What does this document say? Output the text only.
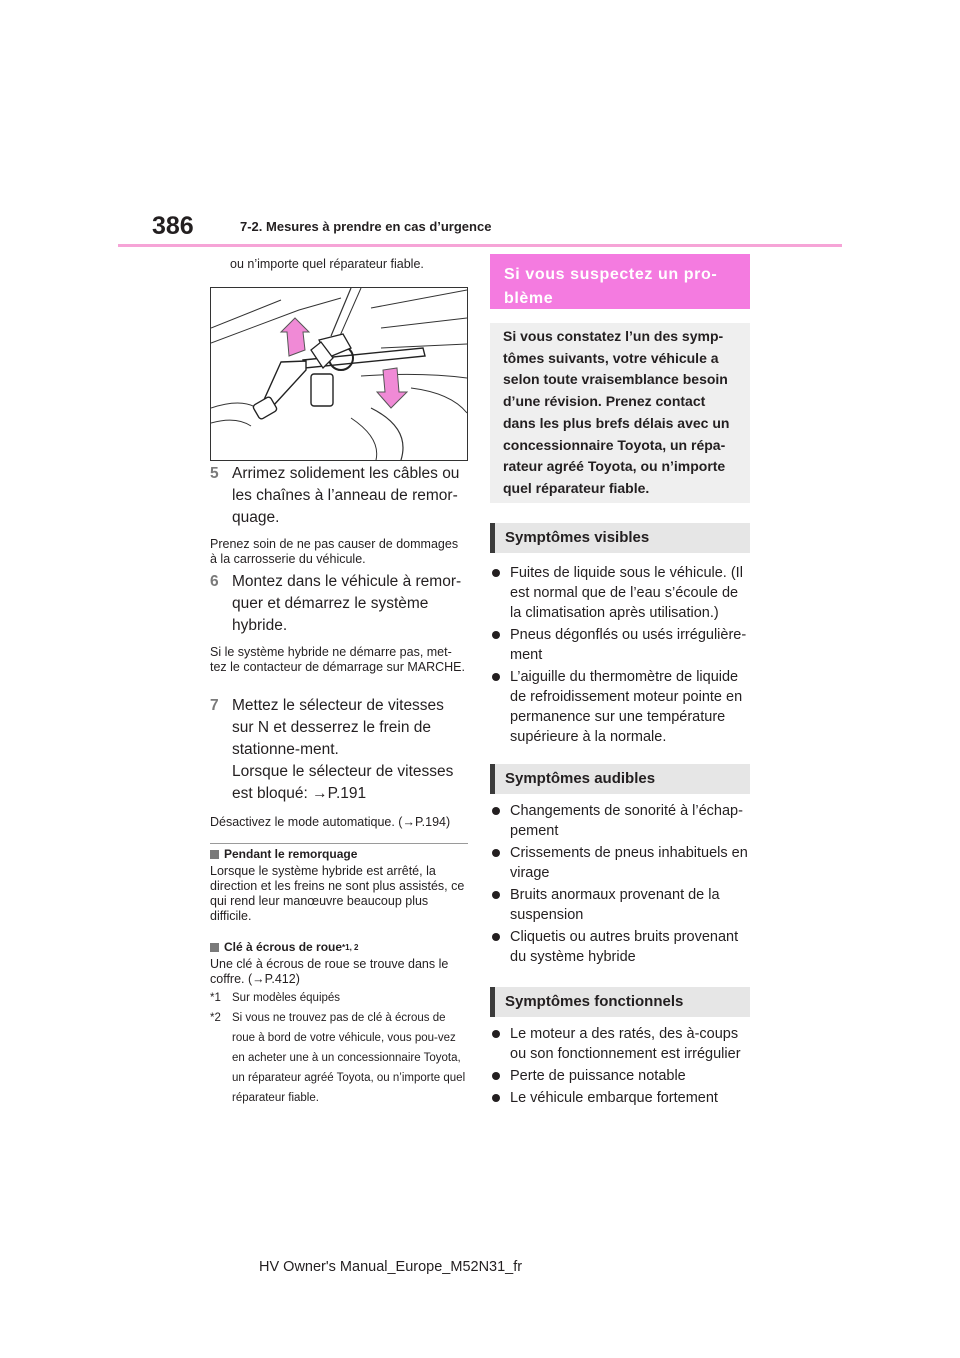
386	7-2. Mesures à prendre en cas d’urgence
ou n’importe quel réparateur fiable.
5 Arrimez solidement les câbles ou les chaînes à l’anneau de remor-quage.
Prenez soin de ne pas causer de dommages à la carrosserie du véhicule.
6 Montez dans le véhicule à remor-quer et démarrez le système hybride.
Si le système hybride ne démarre pas, met-tez le contacteur de démarrage sur MARCHE.
7 Mettez le sélecteur de vitesses sur N et desserrez le frein de stationne-ment.
Lorsque le sélecteur de vitesses est bloqué: →P.191
Désactivez le mode automatique. (→P.194)
Pendant le remorquage
Lorsque le système hybride est arrêté, la direction et les freins ne sont plus assistés, ce qui rend leur manœuvre beaucoup plus difficile.
Clé à écrous de roue *1, 2
Une clé à écrous de roue se trouve dans le coffre. (→P.412)
*1 Sur modèles équipés
*2 Si vous ne trouvez pas de clé à écrous de roue à bord de votre véhicule, vous pou-vez en acheter une à un concessionnaire Toyota, un réparateur agréé Toyota, ou n’importe quel réparateur fiable.
Si vous suspectez un pro-blème
Si vous constatez l’un des symp-tômes suivants, votre véhicule a selon toute vraisemblance besoin d’une révision. Prenez contact dans les plus brefs délais avec un concessionnaire Toyota, un répa-rateur agréé Toyota, ou n’importe quel réparateur fiable.
Symptômes visibles
Fuites de liquide sous le véhicule. (Il est normal que de l’eau s’écoule de la climatisation après utilisation.)
Pneus dégonflés ou usés irrégulière-ment
L’aiguille du thermomètre de liquide de refroidissement moteur pointe en permanence sur une température supérieure à la normale.
Symptômes audibles
Changements de sonorité à l’échap-pement
Crissements de pneus inhabituels en virage
Bruits anormaux provenant de la suspension
Cliquetis ou autres bruits provenant du système hybride
Symptômes fonctionnels
Le moteur a des ratés, des à-coups ou son fonctionnement est irrégulier
Perte de puissance notable
Le véhicule embarque fortement
HV Owner's Manual_Europe_M52N31_fr
